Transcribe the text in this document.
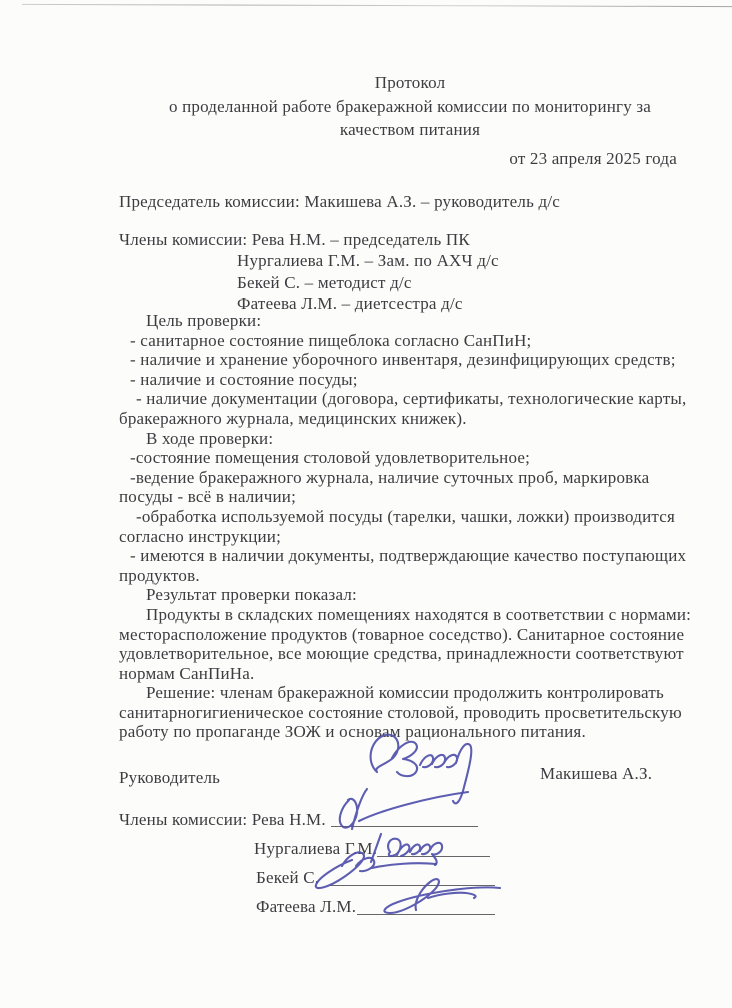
Протокол
о проделанной работе бракеражной комиссии по мониторингу за
качеством питания
от 23 апреля 2025 года
Председатель комиссии: Макишева А.З. – руководитель д/с
Члены комиссии: Рева Н.М. – председатель ПК
Нургалиева Г.М. – Зам. по АХЧ д/с
Бекей С. – методист д/с
Фатеева Л.М. – диетсестра д/с
Цель проверки:
- санитарное состояние пищеблока согласно СанПиН;
- наличие и хранение уборочного инвентаря, дезинфицирующих средств;
- наличие и состояние посуды;
- наличие документации (договора, сертификаты, технологические карты,
бракеражного журнала, медицинских книжек).
В ходе проверки:
-состояние помещения столовой удовлетворительное;
-ведение бракеражного журнала, наличие суточных проб, маркировка
посуды - всё в наличии;
-обработка используемой посуды (тарелки, чашки, ложки) производится
согласно инструкции;
- имеются в наличии документы, подтверждающие качество поступающих
продуктов.
Результат проверки показал:
Продукты в складских помещениях находятся в соответствии с нормами:
месторасположение продуктов (товарное соседство). Санитарное состояние
удовлетворительное, все моющие средства, принадлежности соответствуют
нормам СанПиНа.
Решение: членам бракеражной комиссии продолжить контролировать
санитарногигиеническое состояние столовой, проводить просветительскую
работу по пропаганде ЗОЖ и основам рационального питания.
Руководитель	Макишева А.З.
Члены комиссии: Рева Н.М.
Нургалиева Г.М.
Бекей С.
Фатеева Л.М.
